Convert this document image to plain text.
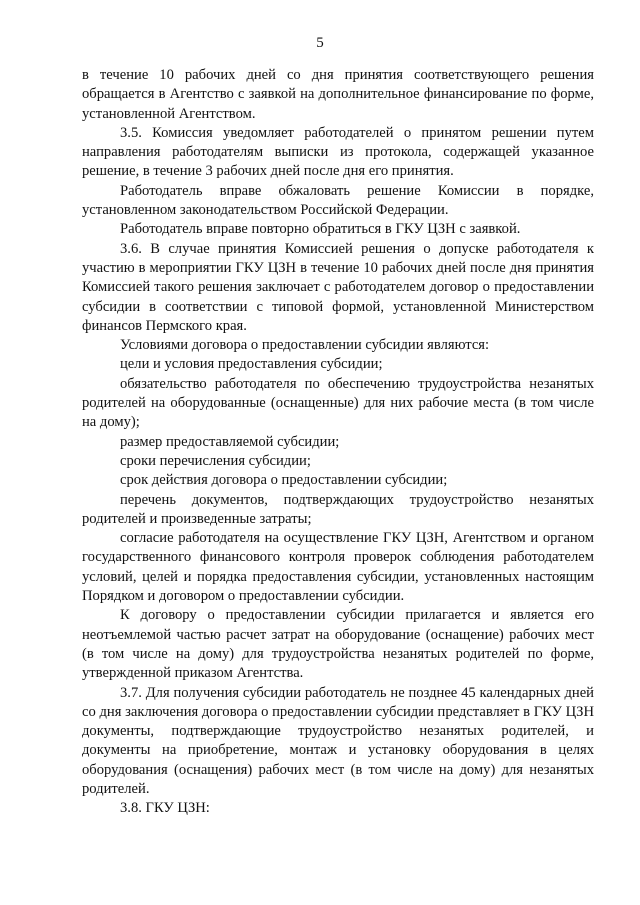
5

в течение 10 рабочих дней со дня принятия соответствующего решения обращается в Агентство с заявкой на дополнительное финансирование по форме, установленной Агентством.

3.5. Комиссия уведомляет работодателей о принятом решении путем направления работодателям выписки из протокола, содержащей указанное решение, в течение 3 рабочих дней после дня его принятия.

Работодатель вправе обжаловать решение Комиссии в порядке, установленном законодательством Российской Федерации.

Работодатель вправе повторно обратиться в ГКУ ЦЗН с заявкой.

3.6. В случае принятия Комиссией решения о допуске работодателя к участию в мероприятии ГКУ ЦЗН в течение 10 рабочих дней после дня принятия Комиссией такого решения заключает с работодателем договор о предоставлении субсидии в соответствии с типовой формой, установленной Министерством финансов Пермского края.

Условиями договора о предоставлении субсидии являются:

цели и условия предоставления субсидии;

обязательство работодателя по обеспечению трудоустройства незанятых родителей на оборудованные (оснащенные) для них рабочие места (в том числе на дому);

размер предоставляемой субсидии;

сроки перечисления субсидии;

срок действия договора о предоставлении субсидии;

перечень документов, подтверждающих трудоустройство незанятых родителей и произведенные затраты;

согласие работодателя на осуществление ГКУ ЦЗН, Агентством и органом государственного финансового контроля проверок соблюдения работодателем условий, целей и порядка предоставления субсидии, установленных настоящим Порядком и договором о предоставлении субсидии.

К договору о предоставлении субсидии прилагается и является его неотъемлемой частью расчет затрат на оборудование (оснащение) рабочих мест (в том числе на дому) для трудоустройства незанятых родителей по форме, утвержденной приказом Агентства.

3.7. Для получения субсидии работодатель не позднее 45 календарных дней со дня заключения договора о предоставлении субсидии представляет в ГКУ ЦЗН документы, подтверждающие трудоустройство незанятых родителей, и документы на приобретение, монтаж и установку оборудования в целях оборудования (оснащения) рабочих мест (в том числе на дому) для незанятых родителей.

3.8. ГКУ ЦЗН:
